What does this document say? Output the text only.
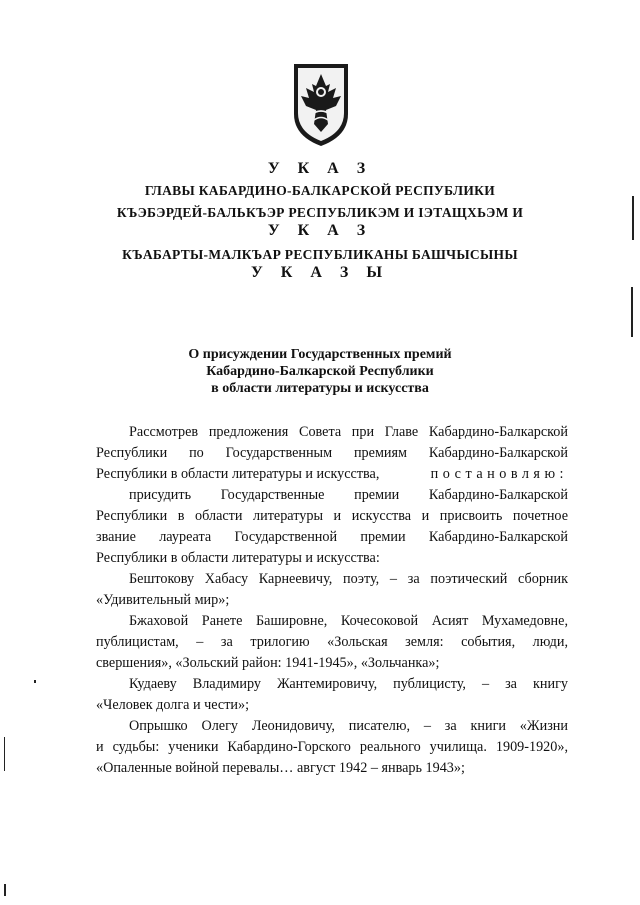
У К А З
ГЛАВЫ КАБАРДИНО-БАЛКАРСКОЙ РЕСПУБЛИКИ
КЪЭБЭРДЕЙ-БАЛЬКЪЭР РЕСПУБЛИКЭМ И ІЭТАЩХЬЭМ И
У К А З
КЪАБАРТЫ-МАЛКЪАР РЕСПУБЛИКАНЫ БАШЧЫСЫНЫ
У К А З Ы
О присуждении Государственных премий
Кабардино-Балкарской Республики
в области литературы и искусства
Рассмотрев предложения Совета при Главе Кабардино-Балкарской
Республики по Государственным премиям Кабардино-Балкарской
Республики в области литературы и искусства,	постановляю:
присудить Государственные премии Кабардино-Балкарской
Республики в области литературы и искусства и присвоить почетное
звание лауреата Государственной премии Кабардино-Балкарской
Республики в области литературы и искусства:
Бештокову Хабасу Карнеевичу, поэту, – за поэтический сборник
«Удивительный мир»;
Бжаховой Ранете Башировне, Кочесоковой Асият Мухамедовне,
публицистам, – за трилогию «Зольская земля: события, люди,
свершения», «Зольский район: 1941-1945», «Зольчанка»;
Кудаеву Владимиру Жантемировичу, публицисту, – за книгу
«Человек долга и чести»;
Опрышко Олегу Леонидовичу, писателю, – за книги «Жизни
и судьбы: ученики Кабардино-Горского реального училища. 1909-1920»,
«Опаленные войной перевалы… август 1942 – январь 1943»;
